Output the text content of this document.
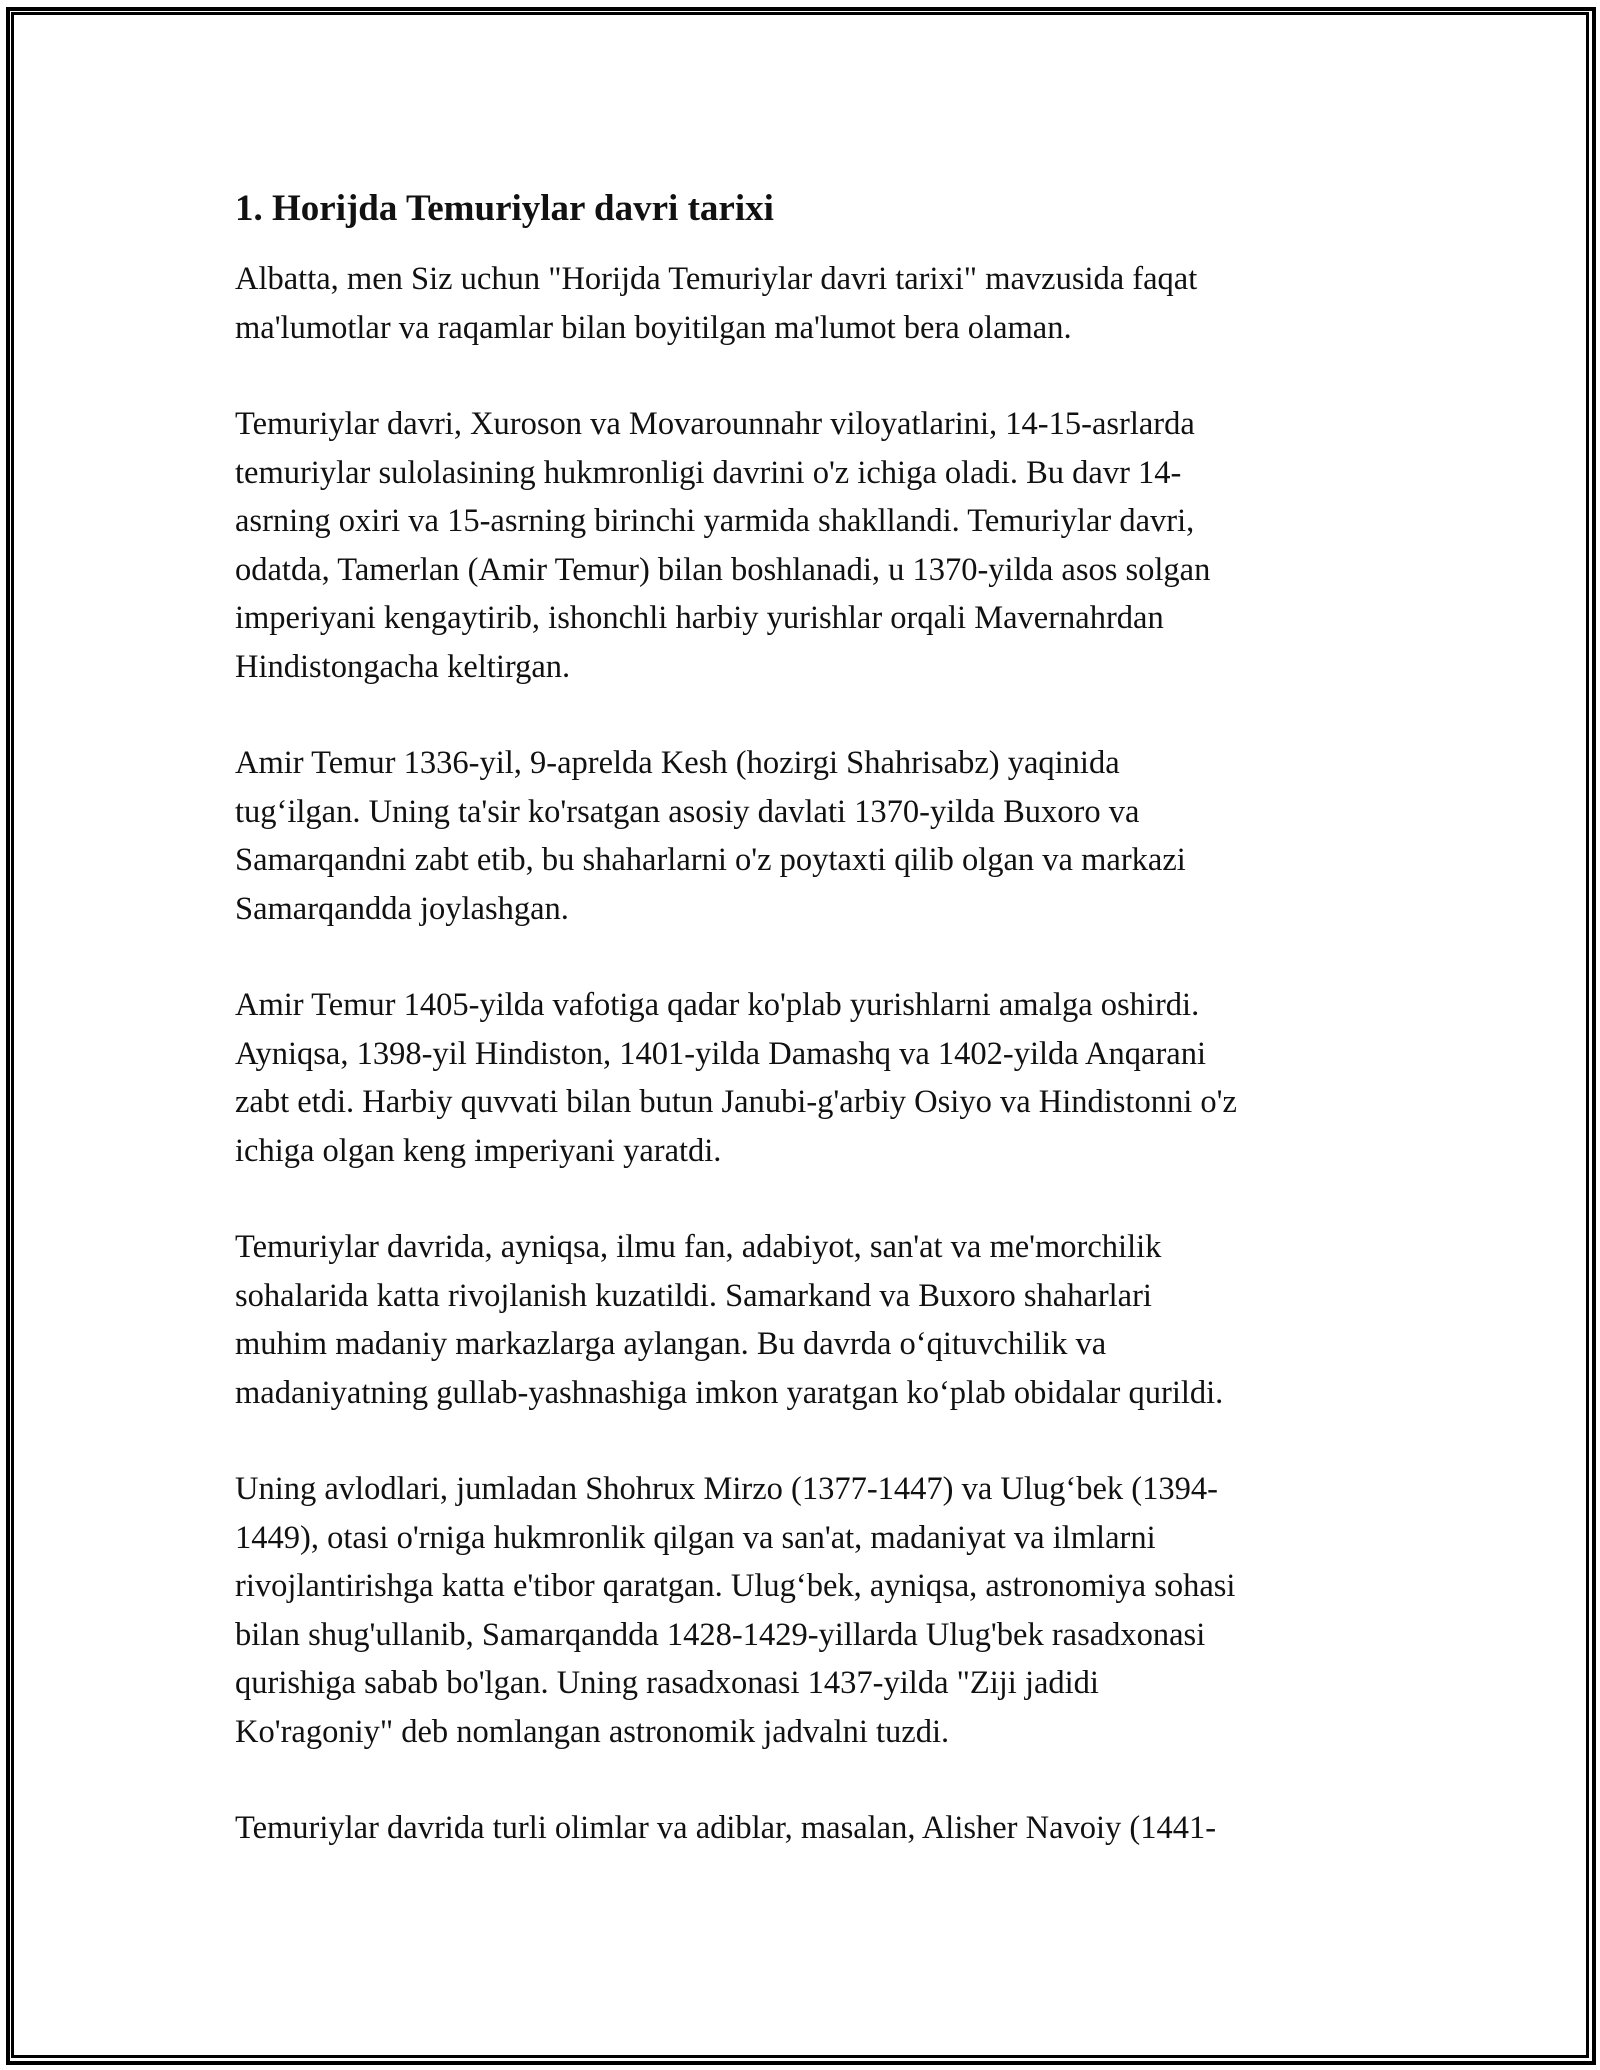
1. Horijda Temuriylar davri tarixi

Albatta, men Siz uchun "Horijda Temuriylar davri tarixi" mavzusida faqat
ma'lumotlar va raqamlar bilan boyitilgan ma'lumot bera olaman.

Temuriylar davri, Xuroson va Movarounnahr viloyatlarini, 14-15-asrlarda
temuriylar sulolasining hukmronligi davrini o'z ichiga oladi. Bu davr 14-
asrning oxiri va 15-asrning birinchi yarmida shakllandi. Temuriylar davri,
odatda, Tamerlan (Amir Temur) bilan boshlanadi, u 1370-yilda asos solgan
imperiyani kengaytirib, ishonchli harbiy yurishlar orqali Mavernahrdan
Hindistongacha keltirgan.

Amir Temur 1336-yil, 9-aprelda Kesh (hozirgi Shahrisabz) yaqinida
tug‘ilgan. Uning ta'sir ko'rsatgan asosiy davlati 1370-yilda Buxoro va
Samarqandni zabt etib, bu shaharlarni o'z poytaxti qilib olgan va markazi
Samarqandda joylashgan.

Amir Temur 1405-yilda vafotiga qadar ko'plab yurishlarni amalga oshirdi.
Ayniqsa, 1398-yil Hindiston, 1401-yilda Damashq va 1402-yilda Anqarani
zabt etdi. Harbiy quvvati bilan butun Janubi-g'arbiy Osiyo va Hindistonni o'z
ichiga olgan keng imperiyani yaratdi.

Temuriylar davrida, ayniqsa, ilmu fan, adabiyot, san'at va me'morchilik
sohalarida katta rivojlanish kuzatildi. Samarkand va Buxoro shaharlari
muhim madaniy markazlarga aylangan. Bu davrda o‘qituvchilik va
madaniyatning gullab-yashnashiga imkon yaratgan ko‘plab obidalar qurildi.

Uning avlodlari, jumladan Shohrux Mirzo (1377-1447) va Ulug‘bek (1394-
1449), otasi o'rniga hukmronlik qilgan va san'at, madaniyat va ilmlarni
rivojlantirishga katta e'tibor qaratgan. Ulug‘bek, ayniqsa, astronomiya sohasi
bilan shug'ullanib, Samarqandda 1428-1429-yillarda Ulug'bek rasadxonasi
qurishiga sabab bo'lgan. Uning rasadxonasi 1437-yilda "Ziji jadidi
Ko'ragoniy" deb nomlangan astronomik jadvalni tuzdi.

Temuriylar davrida turli olimlar va adiblar, masalan, Alisher Navoiy (1441-
